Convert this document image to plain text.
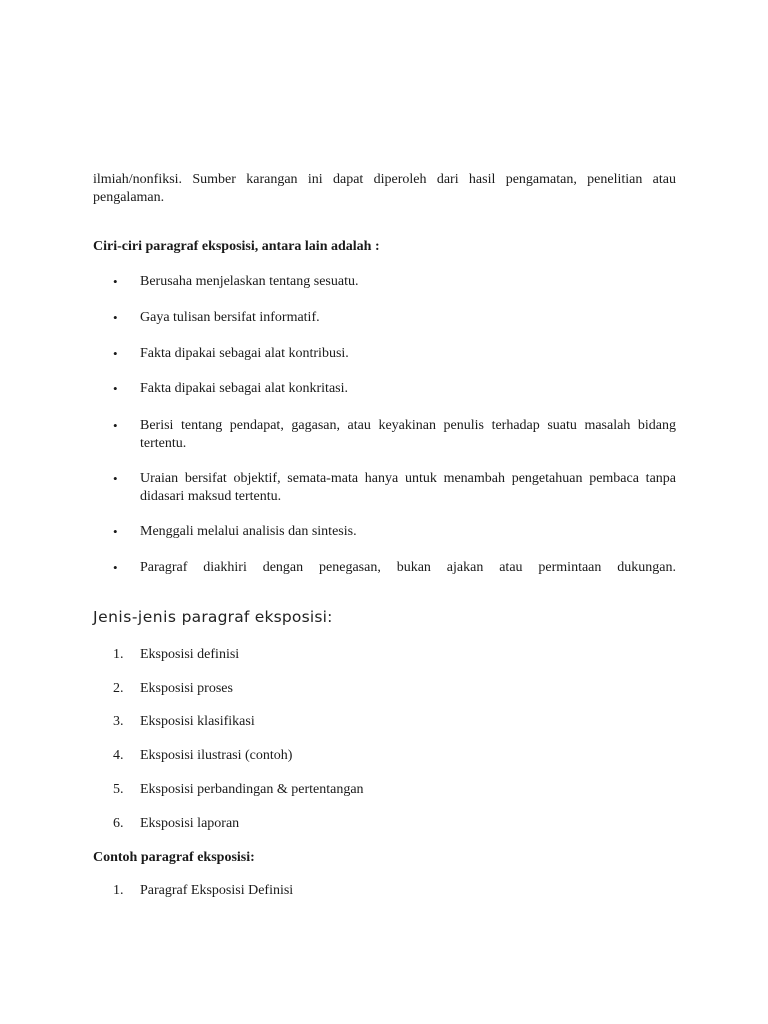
ilmiah/nonfiksi. Sumber karangan ini dapat diperoleh dari hasil pengamatan, penelitian atau pengalaman.

Ciri-ciri paragraf eksposisi, antara lain adalah :

•	Berusaha menjelaskan tentang sesuatu.
•	Gaya tulisan bersifat informatif.
•	Fakta dipakai sebagai alat kontribusi.
•	Fakta dipakai sebagai alat konkritasi.
•	Berisi tentang pendapat, gagasan, atau keyakinan penulis terhadap suatu masalah bidang tertentu.
•	Uraian bersifat objektif, semata-mata hanya untuk menambah pengetahuan pembaca tanpa didasari maksud tertentu.
•	Menggali melalui analisis dan sintesis.
•	Paragraf diakhiri dengan penegasan, bukan ajakan atau permintaan dukungan.

Jenis-jenis paragraf eksposisi:

1.	Eksposisi definisi
2.	Eksposisi proses
3.	Eksposisi klasifikasi
4.	Eksposisi ilustrasi (contoh)
5.	Eksposisi perbandingan & pertentangan
6.	Eksposisi laporan

Contoh paragraf eksposisi:

1.	Paragraf Eksposisi Definisi
